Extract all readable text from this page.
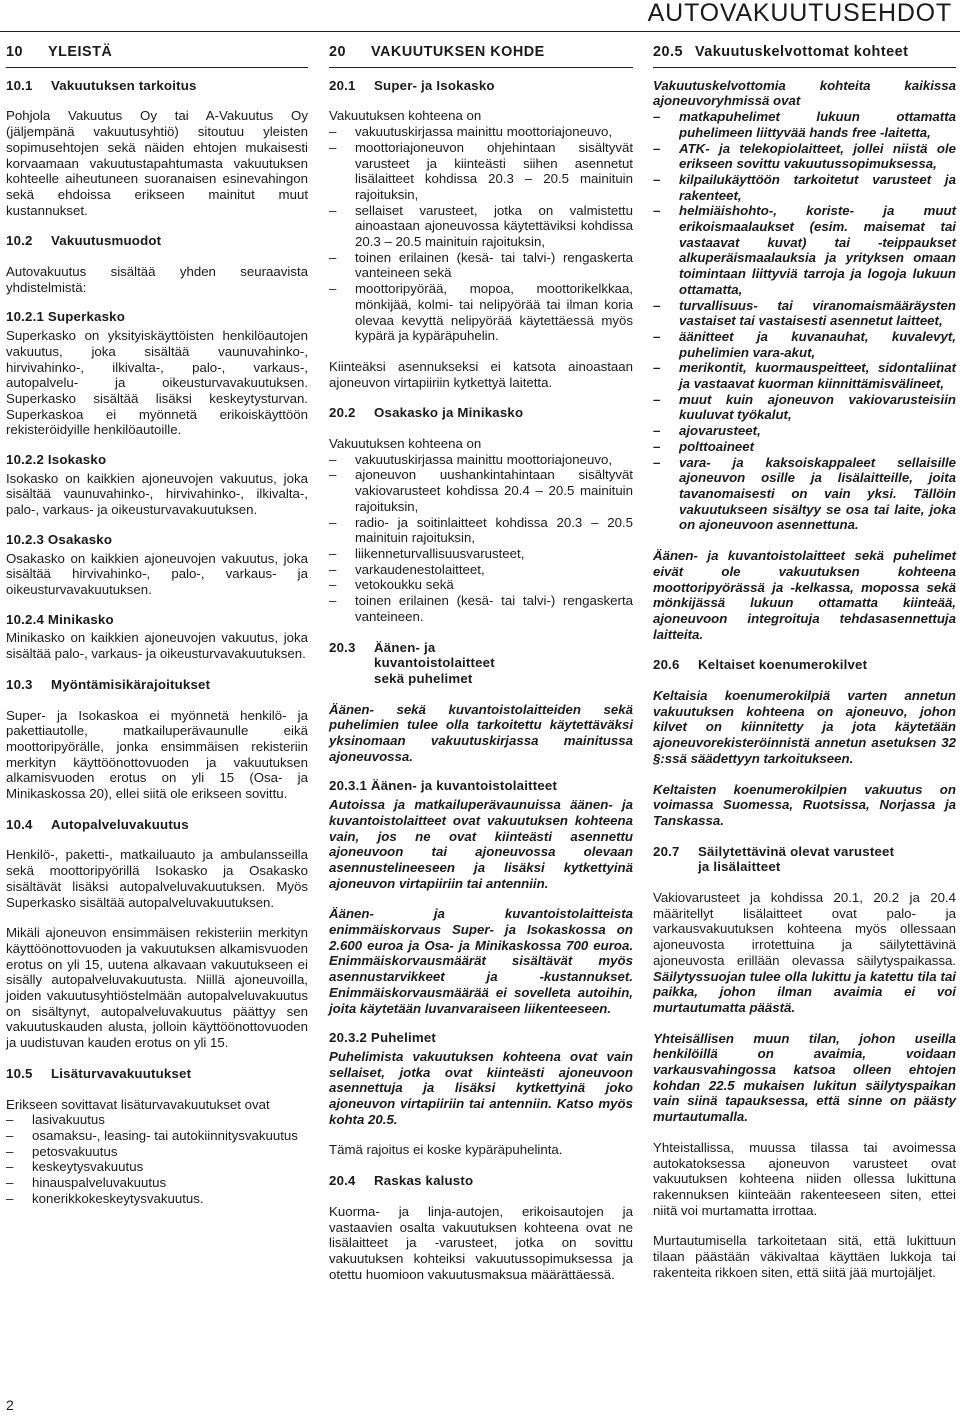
AUTOVAKUUTUSEHDOT
10 YLEISTÄ
10.1 Vakuutuksen tarkoitus

Pohjola Vakuutus Oy tai A-Vakuutus Oy (jäljempänä vakuutusyhtiö) sitoutuu yleisten sopimusehtojen sekä näiden ehtojen mukaisesti korvaamaan vakuutustapahtumasta vakuutuksen kohteelle aiheutuneen suoranaisen esinevahingon sekä ehdoissa erikseen mainitut muut kustannukset.

10.2 Vakuutusmuodot

Autovakuutus sisältää yhden seuraavista yhdistelmistä:

10.2.1 Superkasko

Superkasko on yksityiskäyttöisten henkilöautojen vakuutus, joka sisältää vaunuvahinko-, hirvivahinko-, ilkivalta-, palo-, varkaus-, autopalvelu- ja oikeusturvavakuutuksen. Superkasko sisältää lisäksi keskeytysturvan. Superkaskoa ei myönnetä erikoiskäyttöön rekisteröidyille henkilöautoille.

10.2.2 Isokasko

Isokasko on kaikkien ajoneuvojen vakuutus, joka sisältää vaunuvahinko-, hirvivahinko-, ilkivalta-, palo-, varkaus- ja oikeusturvavakuutuksen.

10.2.3 Osakasko

Osakasko on kaikkien ajoneuvojen vakuutus, joka sisältää hirvivahinko-, palo-, varkaus- ja oikeusturvavakuutuksen.

10.2.4 Minikasko

Minikasko on kaikkien ajoneuvojen vakuutus, joka sisältää palo-, varkaus- ja oikeusturvavakuutuksen.

10.3 Myöntämisikärajoitukset

Super- ja Isokaskoa ei myönnetä henkilö- ja pakettiautolle, matkailuperävaunulle eikä moottoripyörälle, jonka ensimmäisen rekisteriin merkityn käyttöönottovuoden ja vakuutuksen alkamisvuoden erotus on yli 15 (Osa- ja Minikaskossa 20), ellei siitä ole erikseen sovittu.

10.4 Autopalveluvakuutus

Henkilö-, paketti-, matkailuauto ja ambulansseilla sekä moottoripyörillä Isokasko ja Osakasko sisältävät lisäksi autopalveluvakuutuksen. Myös Superkasko sisältää autopalveluvakuutuksen.

Mikäli ajoneuvon ensimmäisen rekisteriin merkityn käyttöönottovuoden ja vakuutuksen alkamisvuoden erotus on yli 15, uutena alkavaan vakuutukseen ei sisälly autopalveluvakuutusta. Niillä ajoneuvoilla, joiden vakuutusyhtiöstelmään autopalveluvakuutus on sisältynyt, autopalveluvakuutus päättyy sen vakuutuskauden alusta, jolloin käyttöönottovuoden ja uudistuvan kauden erotus on yli 15.

10.5 Lisäturvavakuutukset

Erikseen sovittavat lisäturvavakuutukset ovat

– lasivakuutus
– osamaksu-, leasing- tai autokiinnitysvakuutus
– petosvakuutus
– keskeytysvakuutus
– hinauspalveluvakuutus
– konerikkokeskeytysvakuutus.
20 VAKUUTUKSEN KOHDE
20.1 Super- ja Isokasko

Vakuutuksen kohteena on

– vakuutuskirjassa mainittu moottoriajoneuvo,
– moottoriajoneuvon ohjehintaan sisältyvät varusteet ja kiinteästi siihen asennetut lisälaitteet kohdissa 20.3 – 20.5 mainituin rajoituksin,
– sellaiset varusteet, jotka on valmistettu ainoastaan ajoneuvossa käytettäviksi kohdissa 20.3 – 20.5 mainituin rajoituksin,
– toinen erilainen (kesä- tai talvi-) rengaskerta vanteineen sekä
– moottoripyörää, mopoa, moottorikelkkaa, mönkijää, kolmi- tai nelipyörää tai ilman koria olevaa kevyttä nelipyörää käytettäessä myös kypärä ja kypäräpuhelin.

Kiinteäksi asennukseksi ei katsota ainoastaan ajoneuvon virtapiiriin kytkettyä laitetta.

20.2 Osakasko ja Minikasko

Vakuutuksen kohteena on

– vakuutuskirjassa mainittu moottoriajoneuvo,
– ajoneuvon uushankintahintaan sisältyvät vakiovarusteet kohdissa 20.4 – 20.5 mainituin rajoituksin,
– radio- ja soitinlaitteet kohdissa 20.3 – 20.5 mainituin rajoituksin,
– liikenneturvallisuusvarusteet,
– varkaudenestolaitteet,
– vetokoukku sekä
– toinen erilainen (kesä- tai talvi-) rengaskerta vanteineen.
20.3	Äänen- ja kuvantoistolaitteet sekä puhelimet

Äänen- sekä kuvantoistolaitteiden sekä puhelimien tulee olla tarkoitettu käytettäväksi yksinomaan vakuutuskirjassa mainitussa ajoneuvossa.

20.3.1 Äänen- ja kuvantoistolaitteet

Autoissa ja matkailuperävaunuissa äänen- ja kuvantoistolaitteet ovat vakuutuksen kohteena vain, jos ne ovat kiinteästi asennettu ajoneuvoon tai ajoneuvossa olevaan asennustelineeseen ja lisäksi kytkettyinä ajoneuvon virtapiiriin tai antenniin.

Äänen- ja kuvantoistolaitteista enimmäiskorvaus Super- ja Isokaskossa on 2.600 euroa ja Osa- ja Minikaskossa 700 euroa. Enimmäiskorvausmäärät sisältävät myös asennustarvikkeet ja -kustannukset. Enimmäiskorvausmäärää ei sovelleta autoihin, joita käytetään luvanvaraiseen liikenteeseen.

20.3.2 Puhelimet

Puhelimista vakuutuksen kohteena ovat vain sellaiset, jotka ovat kiinteästi ajoneuvoon asennettuja ja lisäksi kytkettyinä joko ajoneuvon virtapiiriin tai antenniin. Katso myös kohta 20.5.

Tämä rajoitus ei koske kypäräpuhelinta.

20.4 Raskas kalusto

Kuorma- ja linja-autojen, erikoisautojen ja vastaavien osalta vakuutuksen kohteena ovat ne lisälaitteet ja -varusteet, jotka on sovittu vakuutuksen kohteiksi vakuutussopimuksessa ja otettu huomioon vakuutusmaksua määrättäessä.

20.5 Vakuutuskelvottomat kohteet

Vakuutuskelvottomia kohteita kaikissa ajoneuvoryhmissä ovat

– matkapuhelimet lukuun ottamatta puhelimeen liittyvää hands free -laitetta,
– ATK- ja telekopiolaitteet, jollei niistä ole erikseen sovittu vakuutussopimuksessa,
– kilpailukäyttöön tarkoitetut varusteet ja rakenteet,
– helmiäishohto-, koriste- ja muut erikoismaalaukset (esim. maisemat tai vastaavat kuvat) tai -teippaukset alkuperäismaalauksia ja yrityksen omaan toimintaan liittyviä tarroja ja logoja lukuun ottamatta,
– turvallisuus- tai viranomaismääräysten vastaiset tai vastaisesti asennetut laitteet,
– äänitteet ja kuvanauhat, kuvalevyt, puhelimien vara-akut,
– merikontit, kuormauspeitteet, sidontaliinat ja vastaavat kuorman kiinnittämisvälineet,
– muut kuin ajoneuvon vakiovarusteisiin kuuluvat työkalut,
– ajovarusteet,
– polttoaineet
– vara- ja kaksoiskappaleet sellaisille ajoneuvon osille ja lisälaitteille, joita tavanomaisesti on vain yksi. Tällöin vakuutukseen sisältyy se osa tai laite, joka on ajoneuvoon asennettuna.

Äänen- ja kuvantoistolaitteet sekä puhelimet eivät ole vakuutuksen kohteena moottoripyörässä ja -kelkassa, mopossa sekä mönkijässä lukuun ottamatta kiinteää, ajoneuvoon integroituja tehdasasennettuja laitteita.

20.6 Keltaiset koenumerokilvet

Keltaisia koenumerokilpiä varten annetun vakuutuksen kohteena on ajoneuvo, johon kilvet on kiinnitetty ja jota käytetään ajoneuvorekisteröinnistä annetun asetuksen 32 §:ssä säädettyyn tarkoitukseen.

Keltaisten koenumerokilpien vakuutus on voimassa Suomessa, Ruotsissa, Norjassa ja Tanskassa.

20.7	Säilytettävinä olevat varusteet ja lisälaitteet

Vakiovarusteet ja kohdissa 20.1, 20.2 ja 20.4 määritellyt lisälaitteet ovat palo- ja varkausvakuutuksen kohteena myös ollessaan ajoneuvosta irrotettuina ja säilytettävinä ajoneuvosta erillään olevassa säilytyspaikassa. Säilytyssuojan tulee olla lukittu ja katettu tila tai paikka, johon ilman avaimia ei voi murtautumatta päästä.

Yhteisällisen muun tilan, johon useilla henkilöillä on avaimia, voidaan varkausvahingossa katsoa olleen ehtojen kohdan 22.5 mukaisen lukitun säilytyspaikan vain siinä tapauksessa, että sinne on päästy murtautumalla.

Yhteistallissa, muussa tilassa tai avoimessa autokatoksessa ajoneuvon varusteet ovat vakuutuksen kohteena niiden ollessa lukittuna rakennuksen kiinteään rakenteeseen siten, ettei niitä voi murtamatta irrottaa.

Murtautumisella tarkoitetaan sitä, että lukittuun tilaan päästään väkivaltaa käyttäen lukkoja tai rakenteita rikkoen siten, että siitä jää murtojäljet.

2
